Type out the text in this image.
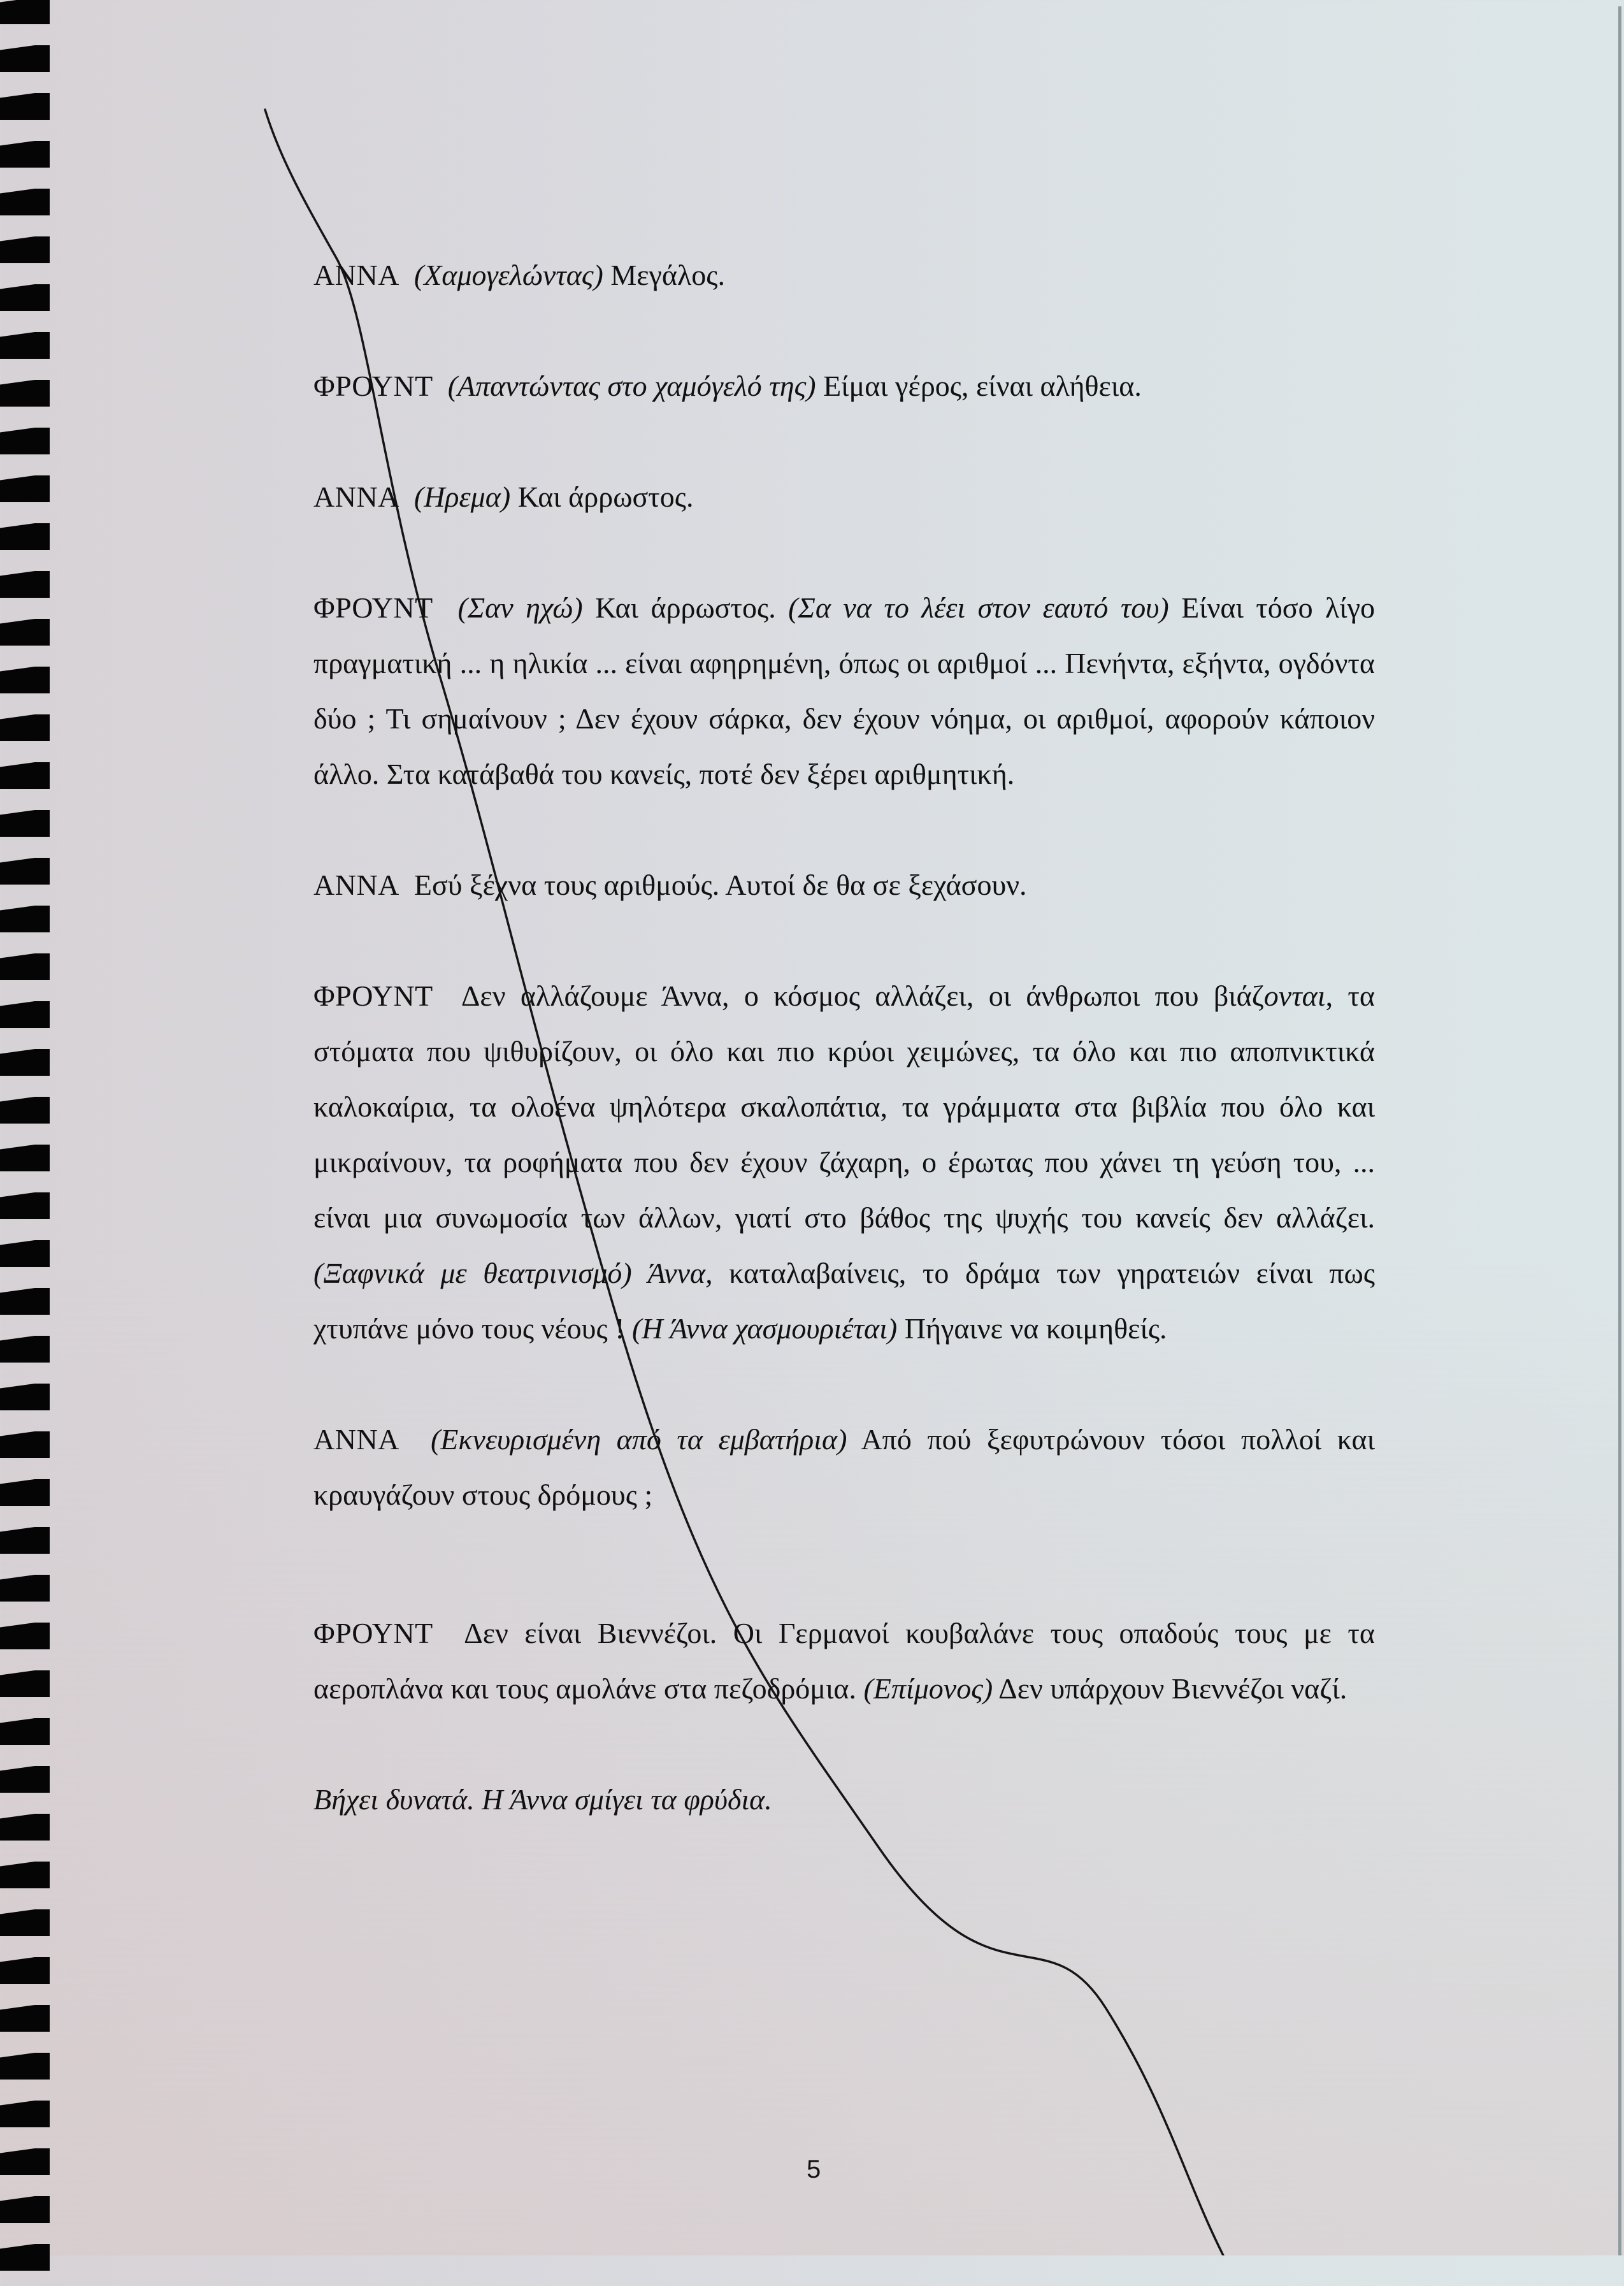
ΑΝΝΑ (Χαμογελώντας) Μεγάλος.

ΦΡΟΥΝΤ (Απαντώντας στο χαμόγελό της) Είμαι γέρος, είναι αλήθεια.

ΑΝΝΑ (Ηρεμα) Και άρρωστος.

ΦΡΟΥΝΤ (Σαν ηχώ) Και άρρωστος. (Σα να το λέει στον εαυτό του) Είναι τόσο λίγο πραγματική ... η ηλικία ... είναι αφηρημένη, όπως οι αριθμοί ... Πενήντα, εξήντα, ογδόντα δύο ; Τι σημαίνουν ; Δεν έχουν σάρκα, δεν έχουν νόημα, οι αριθμοί, αφορούν κάποιον άλλο. Στα κατάβαθά του κανείς, ποτέ δεν ξέρει αριθμητική.

ΑΝΝΑ Εσύ ξέχνα τους αριθμούς. Αυτοί δε θα σε ξεχάσουν.

ΦΡΟΥΝΤ Δεν αλλάζουμε Άννα, ο κόσμος αλλάζει, οι άνθρωποι που βιάζονται, τα στόματα που ψιθυρίζουν, οι όλο και πιο κρύοι χειμώνες, τα όλο και πιο αποπνικτικά καλοκαίρια, τα ολοένα ψηλότερα σκαλοπάτια, τα γράμματα στα βιβλία που όλο και μικραίνουν, τα ροφήματα που δεν έχουν ζάχαρη, ο έρωτας που χάνει τη γεύση του, ... είναι μια συνωμοσία των άλλων, γιατί στο βάθος της ψυχής του κανείς δεν αλλάζει. (Ξαφνικά με θεατρινισμό) Άννα, καταλαβαίνεις, το δράμα των γηρατειών είναι πως χτυπάνε μόνο τους νέους ! (Η Άννα χασμουριέται) Πήγαινε να κοιμηθείς.

ΑΝΝΑ (Εκνευρισμένη από τα εμβατήρια) Από πού ξεφυτρώνουν τόσοι πολλοί και κραυγάζουν στους δρόμους ;

ΦΡΟΥΝΤ Δεν είναι Βιεννέζοι. Οι Γερμανοί κουβαλάνε τους οπαδούς τους με τα αεροπλάνα και τους αμολάνε στα πεζοδρόμια. (Επίμονος) Δεν υπάρχουν Βιεννέζοι ναζί.

Βήχει δυνατά. Η Άννα σμίγει τα φρύδια.

5
